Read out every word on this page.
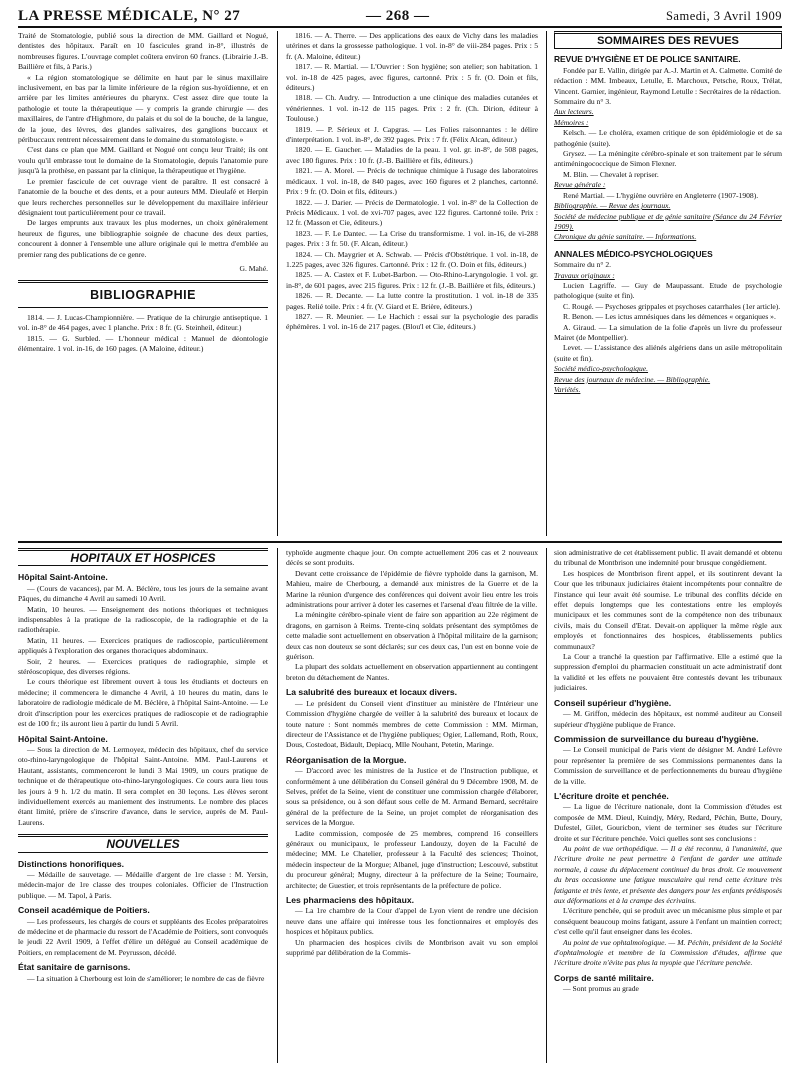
LA PRESSE MÉDICALE, N° 27	— 268 —	Samedi, 3 Avril 1909

Traité de Stomatologie, publié sous la direction de MM. Gaillard et Nogué, dentistes des hôpitaux. Paraît en 10 fascicules grand in-8°, illustrés de nombreuses figures. L'ouvrage complet coûtera environ 60 francs. (Librairie J.-B. Baillière et fils, à Paris.)

« La région stomatologique se délimite en haut par le sinus maxillaire inclusivement, en bas par la limite inférieure de la région sus-hyoïdienne, et en arrière par les limites antérieures du pharynx. C'est assez dire que toute la pathologie et toute la thérapeutique — y compris la grande chirurgie — des maxillaires, de l'antre d'Highmore, du palais et du sol de la bouche, de la langue, de la joue, des lèvres, des glandes salivaires, des ganglions buccaux et péribuccaux rentrent nécessairement dans le domaine du stomatologiste. »

C'est dans ce plan que MM. Gaillard et Nogué ont conçu leur Traité; ils ont voulu qu'il embrasse tout le domaine de la Stomatologie, depuis l'anatomie pure jusqu'à la prothèse, en passant par la clinique, la thérapeutique et l'hygiène.

Le premier fascicule de cet ouvrage vient de paraître. Il est consacré à l'anatomie de la bouche et des dents, et a pour auteurs MM. Dieulafé et Herpin que leurs recherches personnelles sur le développement du maxillaire inférieur désignaient tout particulièrement pour ce travail.

De larges emprunts aux travaux les plus modernes, un choix généralement heureux de figures, une bibliographie soignée de chacune des deux parties, concourent à donner à l'ensemble une allure originale qui le mettra d'emblée au premier rang des publications de ce genre.

G. Mahé.
BIBLIOGRAPHIE

1814. — J. Lucas-Championnière. — Pratique de la chirurgie antiseptique. 1 vol. in-8° de 464 pages, avec 1 planche. Prix : 8 fr. (G. Steinheil, éditeur.)

1815. — G. Surbled. — L'honneur médical : Manuel de déontologie élémentaire. 1 vol. in-16, de 160 pages. (A Maloine, éditeur.)

1816. — A. Therre. — Des applications des eaux de Vichy dans les maladies utérines et dans la grossesse pathologique. 1 vol. in-8° de viii-284 pages. Prix : 5 fr. (A. Maloine, éditeur.)

1817. — R. Martial. — L'Ouvrier : Son hygiène; son atelier; son habitation. 1 vol. in-18 de 425 pages, avec figures, cartonné. Prix : 5 fr. (O. Doin et fils, éditeurs.)

1818. — Ch. Audry. — Introduction a une clinique des maladies cutanées et vénériennes. 1 vol. in-12 de 115 pages. Prix : 2 fr. (Ch. Dirion, éditeur à Toulouse.)

1819. — P. Sérieux et J. Capgras. — Les Folies raisonnantes : le délire d'interprétation. 1 vol. in-8°, de 392 pages. Prix : 7 fr. (Félix Alcan, éditeur.)

1820. — E. Gaucher. — Maladies de la peau. 1 vol. gr. in-8°, de 508 pages, avec 180 figures. Prix : 10 fr. (J.-B. Baillière et fils, éditeurs.)

1821. — A. Morel. — Précis de technique chimique à l'usage des laboratoires médicaux. 1 vol. in-18, de 840 pages, avec 160 figures et 2 planches, cartonné. Prix : 9 fr. (O. Doin et fils, éditeurs.)

1822. — J. Darier. — Précis de Dermatologie. 1 vol. in-8° de la Collection de Précis Médicaux. 1 vol. de xvi-707 pages, avec 122 figures. Cartonné toile. Prix : 12 fr. (Masson et Cie, éditeurs.)

1823. — F. Le Dantec. — La Crise du transformisme. 1 vol. in-16, de vi-288 pages. Prix : 3 fr. 50. (F. Alcan, éditeur.)

1824. — Ch. Maygrier et A. Schwab. — Précis d'Obstétrique. 1 vol. in-18, de 1.225 pages, avec 326 figures. Cartonné. Prix : 12 fr. (O. Doin et fils, éditeurs.)

1825. — A. Castex et F. Lubet-Barbon. — Oto-Rhino-Laryngologie. 1 vol. gr. in-8°, de 601 pages, avec 215 figures. Prix : 12 fr. (J.-B. Baillière et fils, éditeurs.)

1826. — R. Decante. — La lutte contre la prostitution. 1 vol. in-18 de 335 pages. Relié toile. Prix : 4 fr. (V. Giard et E. Brière, éditeurs.)

1827. — R. Meunier. — Le Hachich : essai sur la psychologie des paradis éphémères. 1 vol. in-16 de 217 pages. (Blou'l et Cie, éditeurs.)

SOMMAIRES DES REVUES
REVUE D'HYGIÈNE ET DE POLICE SANITAIRE.

Fondée par E. Vallin, dirigée par A.-J. Martin et A. Calmette. Comité de rédaction : MM. Imbeaux, Letulle, E. Marchoux, Petsche, Roux, Trélat, Vincent. Garnier, ingénieur, Raymond Letulle : Secrétaires de la rédaction.

Sommaire du n° 3.

Aux lecteurs.

Mémoires :

Kelsch. — Le choléra, examen critique de son épidémiologie et de sa pathogénie (suite).

Grysez. — La méningite cérébro-spinale et son traitement par le sérum antiméningococcique de Simon Flexner.

M. Blin. — Chevalet à repriser.

Revue générale :

René Martial. — L'hygiène ouvrière en Angleterre (1907-1908).

Bibliographie. — Revue des journaux.

Société de médecine publique et de génie sanitaire (Séance du 24 Février 1909).

Chronique du génie sanitaire. — Informations.

ANNALES MÉDICO-PSYCHOLOGIQUES

Sommaire du n° 2.

Travaux originaux :

Lucien Lagriffe. — Guy de Maupassant. Etude de psychologie pathologique (suite et fin).

C. Rougé. — Psychoses grippales et psychoses catarrhales (1er article).

R. Benon. — Les ictus amnésiques dans les démences « organiques ».

A. Giraud. — La simulation de la folie d'après un livre du professeur Mairet (de Montpellier).

Levet. — L'assistance des aliénés algériens dans un asile métropolitain (suite et fin).

Société médico-psychologique.

Revue des journaux de médecine. — Bibliographie.

Variétés.

HOPITAUX ET HOSPICES
Hôpital Saint-Antoine.

— (Cours de vacances), par M. A. Béclère, tous les jours de la semaine avant Pâques, du dimanche 4 Avril au samedi 10 Avril.

Matin, 10 heures. — Enseignement des notions théoriques et techniques indispensables à la pratique de la radioscopie, de la radiographie et de la radiothérapie.

Matin, 11 heures. — Exercices pratiques de radioscopie, particulièrement appliqués à l'exploration des organes thoraciques abdominaux.

Soir, 2 heures. — Exercices pratiques de radiographie, simple et stéréoscopique, des diverses régions.

Le cours théorique est librement ouvert à tous les étudiants et docteurs en médecine; il commencera le dimanche 4 Avril, à 10 heures du matin, dans le laboratoire de radiologie médicale de M. Béclère, à l'hôpital Saint-Antoine. — Le droit d'inscription pour les exercices pratiques de radioscopie et de radiographie est de 100 fr.; ils auront lieu à partir du lundi 5 Avril.

Hôpital Saint-Antoine.

— Sous la direction de M. Lermoyez, médecin des hôpitaux, chef du service oto-rhino-laryngologique de l'hôpital Saint-Antoine. MM. Paul-Laurens et Hautant, assistants, commenceront le lundi 3 Mai 1909, un cours pratique de technique et de thérapeutique oto-rhino-laryngologiques. Ce cours aura lieu tous les jours à 9 h. 1/2 du matin. Il sera complet en 30 leçons. Les élèves seront individuellement exercés au maniement des instruments. Le nombre des places étant limité, prière de s'inscrire d'avance, dans le service, auprès de M. Paul-Laurens.

NOUVELLES
Distinctions honorifiques.

— Médaille de sauvetage. — Médaille d'argent de 1re classe : M. Yersin, médecin-major de 1re classe des troupes coloniales. Officier de l'Instruction publique. — M. Tapol, à Paris.

Conseil académique de Poitiers.

— Les professeurs, les chargés de cours et suppléants des Ecoles préparatoires de médecine et de pharmacie du ressort de l'Académie de Poitiers, sont convoqués le jeudi 22 Avril 1909, à l'effet d'élire un délégué au Conseil académique de Poitiers, en remplacement de M. Peyrusson, décédé.

État sanitaire de garnisons.

— La situation à Cherbourg est loin de s'améliorer; le nombre de cas de fièvre

typhoïde augmente chaque jour. On compte actuellement 206 cas et 2 nouveaux décès se sont produits.

Devant cette croissance de l'épidémie de fièvre typhoïde dans la garnison, M. Mahieu, maire de Cherbourg, a demandé aux ministres de la Guerre et de la Marine la réunion d'urgence des conférences qui doivent avoir lieu entre les trois administrations pour arriver à doter les casernes et l'arsenal d'eau filtrée de la ville.

La méningite cérébro-spinale vient de faire son apparition au 22e régiment de dragons, en garnison à Reims. Trente-cinq soldats présentant des symptômes de cette maladie sont actuellement en observation à l'hôpital militaire de la garnison; deux cas non douteux se sont déclarés; sur ces deux cas, l'un est en bonne voie de guérison.

La plupart des soldats actuellement en observation appartiennent au contingent breton du détachement de Nantes.

La salubrité des bureaux et locaux divers.

— Le président du Conseil vient d'instituer au ministère de l'Intérieur une Commission d'hygiène chargée de veiller à la salubrité des bureaux et locaux de toute nature : Sont nommés membres de cette Commission : MM. Mirman, directeur de l'Assistance et de l'hygiène publiques; Ogier, Lallemand, Roth, Roux, Dous, Costedoat, Bidault, Depiacq, Mlle Nouhant, Petetin, Maringe.

Réorganisation de la Morgue.

— D'accord avec les ministres de la Justice et de l'Instruction publique, et conformément à une délibération du Conseil général du 9 Décembre 1908, M. de Selves, préfet de la Seine, vient de constituer une commission chargée d'élaborer, sous sa présidence, ou à son défaut sous celle de M. Armand Bernard, secrétaire général de la préfecture de la Seine, un projet complet de réorganisation des services de la Morgue.

Ladite commission, composée de 25 membres, comprend 16 conseillers généraux ou municipaux, le professeur Landouzy, doyen de la Faculté de médecine; MM. Le Chatelier, professeur à la Faculté des sciences; Thoinot, médecin inspecteur de la Morgue; Albanel, juge d'instruction; Lescouvé, substitut du procureur général; Mugny, directeur à la préfecture de la Seine; Tournaire, architecte; de Guestier, et trois représentants de la préfecture de police.

Les pharmaciens des hôpitaux.

— La 1re chambre de la Cour d'appel de Lyon vient de rendre une décision neuve dans une affaire qui intéresse tous les fonctionnaires et employés des hospices et hôpitaux publics.

Un pharmacien des hospices civils de Montbrison avait vu son emploi supprimé par délibération de la Commis-

sion administrative de cet établissement public. Il avait demandé et obtenu du tribunal de Montbrison une indemnité pour brusque congédiement.

Les hospices de Montbrison firent appel, et ils soutinrent devant la Cour que les tribunaux judiciaires étaient incompétents pour connaître de l'instance qui leur avait été soumise. Le tribunal des conflits décide en effet depuis longtemps que les contestations entre les employés municipaux et les communes sont de la compétence non des tribunaux civils, mais du Conseil d'Etat. Devait-on appliquer la même règle aux employés et fonctionnaires des hospices, établissements publics communaux?

La Cour a tranché la question par l'affirmative. Elle a estimé que la suppression d'emploi du pharmacien constituait un acte administratif dont la validité et les effets ne pouvaient être contestés devant les tribunaux judiciaires.

Conseil supérieur d'hygiène.

— M. Griffon, médecin des hôpitaux, est nommé auditeur au Conseil supérieur d'hygiène publique de France.

Commission de surveillance du bureau d'hygiène.

— Le Conseil municipal de Paris vient de désigner M. André Lefèvre pour représenter la première de ses Commissions permanentes dans la Commission de surveillance et de perfectionnements du bureau d'hygiène de la ville.

L'écriture droite et penchée.

— La ligue de l'écriture nationale, dont la Commission d'études est composée de MM. Dieul, Kuindjy, Méry, Redard, Péchin, Butte, Doury, Dufestel, Gilet, Gouricbon, vient de terminer ses études sur l'écriture droite et sur l'écriture penchée. Voici quelles sont ses conclusions :

Au point de vue orthopédique. — Il a été reconnu, à l'unanimité, que l'écriture droite ne peut permettre à l'enfant de garder une attitude normale, à cause du déplacement continuel du bras droit. Ce mouvement du bras occasionne une fatigue musculaire qui rend cette écriture très fatigante et très lente, et présente des dangers pour les enfants prédisposés aux déformations et à la crampe des écrivains.

L'écriture penchée, qui se produit avec un mécanisme plus simple et par conséquent beaucoup moins fatigant, assure à l'enfant un maintien correct; c'est celle qu'il faut enseigner dans les écoles.

Au point de vue ophtalmologique. — M. Péchin, président de la Société d'ophtalmologie et membre de la Commission d'études, affirme que l'écriture droite n'évite pas plus la myopie que l'écriture penchée.

Corps de santé militaire.

— Sont promus au grade
